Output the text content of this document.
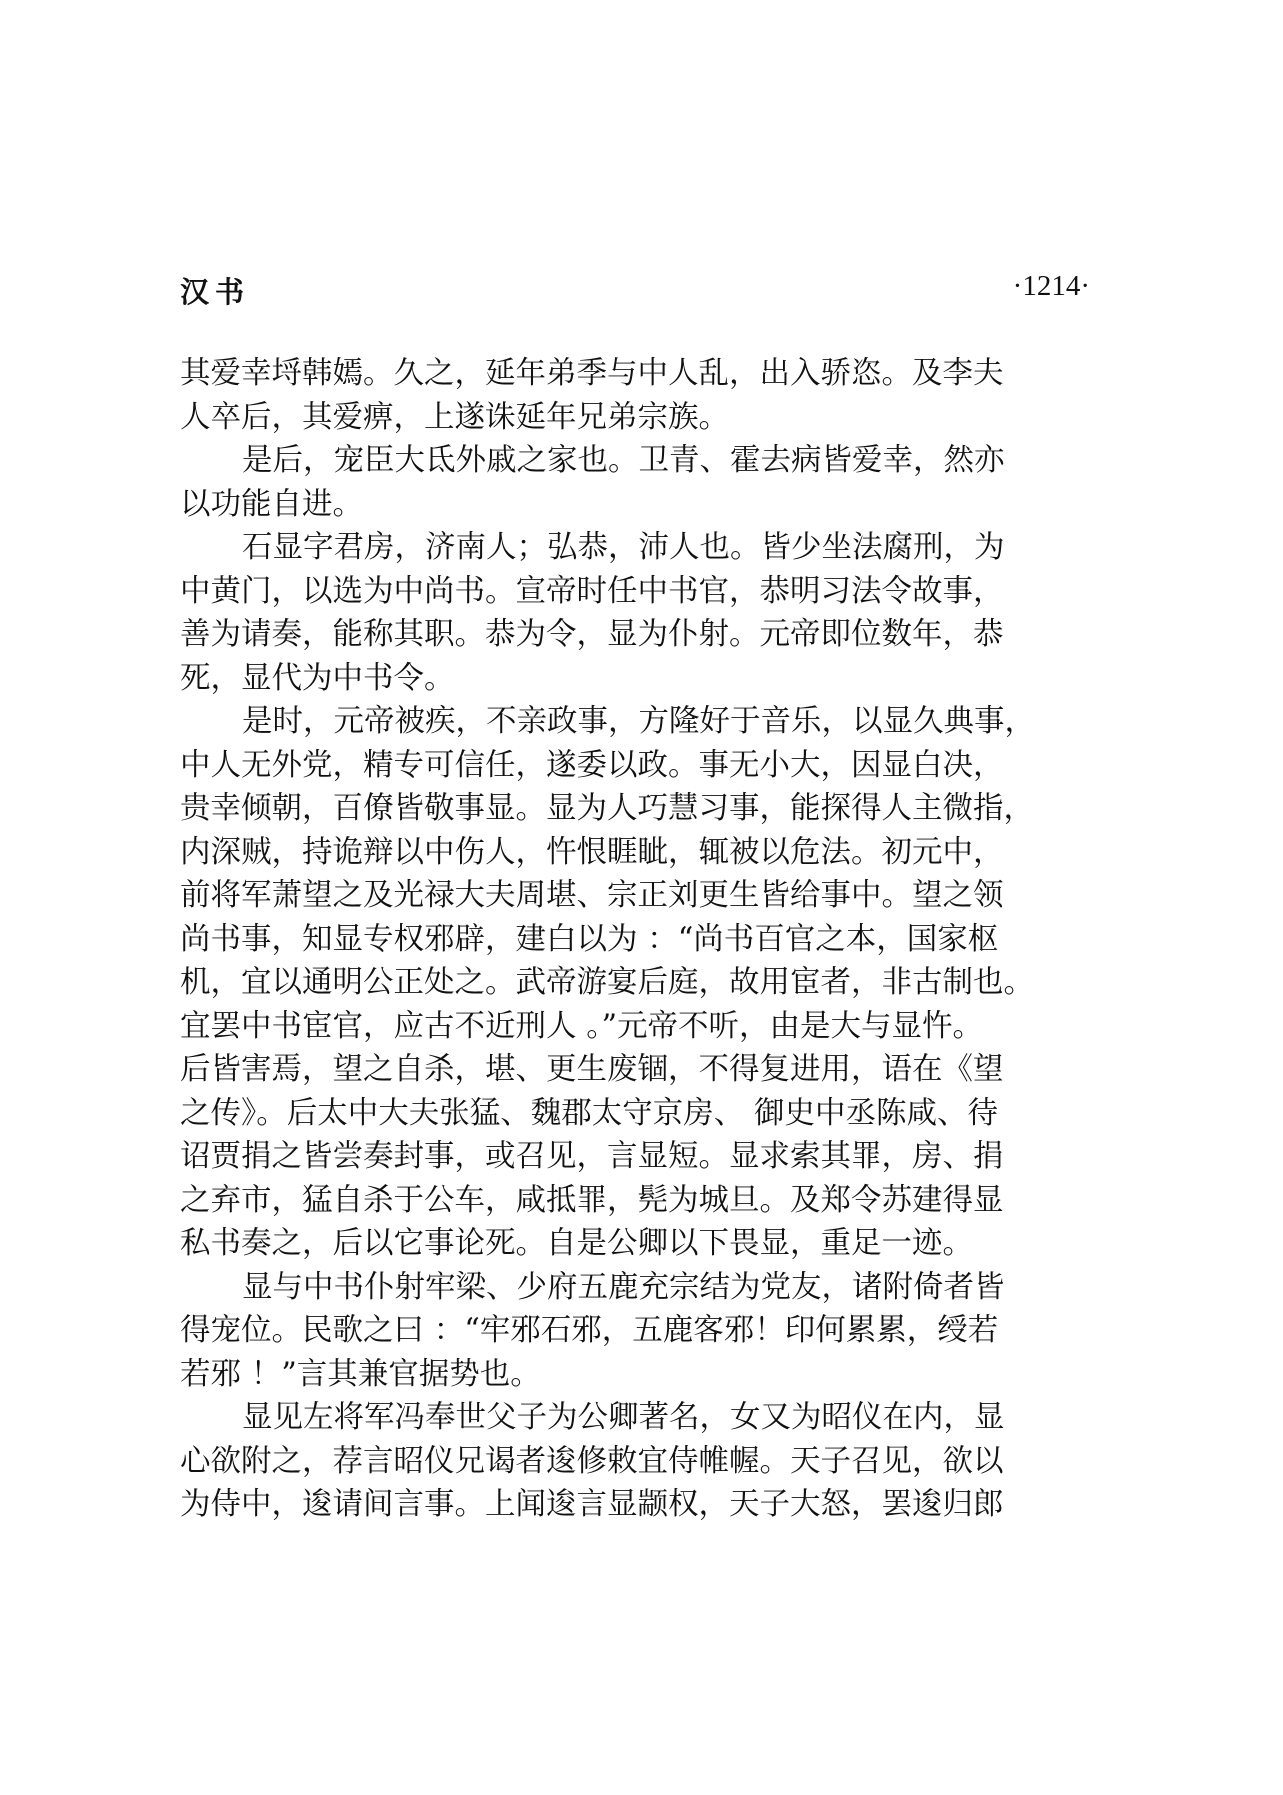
汉书	·1214·
其爱幸埒韩嫣。久之，延年弟季与中人乱，出入骄恣。及李夫
人卒后，其爱痹，上遂诛延年兄弟宗族。
是后，宠臣大氐外戚之家也。卫青、霍去病皆爱幸，然亦
以功能自进。
石显字君房，济南人；弘恭，沛人也。皆少坐法腐刑，为
中黄门，以选为中尚书。宣帝时任中书官，恭明习法令故事，
善为请奏，能称其职。恭为令，显为仆射。元帝即位数年，恭
死，显代为中书令。
是时，元帝被疾，不亲政事，方隆好于音乐，以显久典事，
中人无外党，精专可信任，遂委以政。事无小大，因显白决，
贵幸倾朝，百僚皆敬事显。显为人巧慧习事，能探得人主微指，
内深贼，持诡辩以中伤人，忤恨睚眦，辄被以危法。初元中，
前将军萧望之及光禄大夫周堪、宗正刘更生皆给事中。望之领
尚书事，知显专权邪辟，建白以为 ：“尚书百官之本，国家枢
机，宜以通明公正处之。武帝游宴后庭，故用宦者，非古制也。
宜罢中书宦官，应古不近刑人 。”元帝不听，由是大与显忤。
后皆害焉，望之自杀，堪、更生废锢，不得复进用，语在《望
之传》。后太中大夫张猛、魏郡太守京房、 御史中丞陈咸、待
诏贾捐之皆尝奏封事，或召见，言显短。显求索其罪，房、捐
之弃市，猛自杀于公车，咸抵罪，髡为城旦。及郑令苏建得显
私书奏之，后以它事论死。自是公卿以下畏显，重足一迹。
显与中书仆射牢梁、少府五鹿充宗结为党友，诸附倚者皆
得宠位。民歌之曰 ：“牢邪石邪，五鹿客邪！印何累累，绶若
若邪 ！”言其兼官据势也。
显见左将军冯奉世父子为公卿著名，女又为昭仪在内，显
心欲附之，荐言昭仪兄谒者逡修敕宜侍帷幄。天子召见，欲以
为侍中，逡请间言事。上闻逡言显颛权，天子大怒，罢逡归郎
